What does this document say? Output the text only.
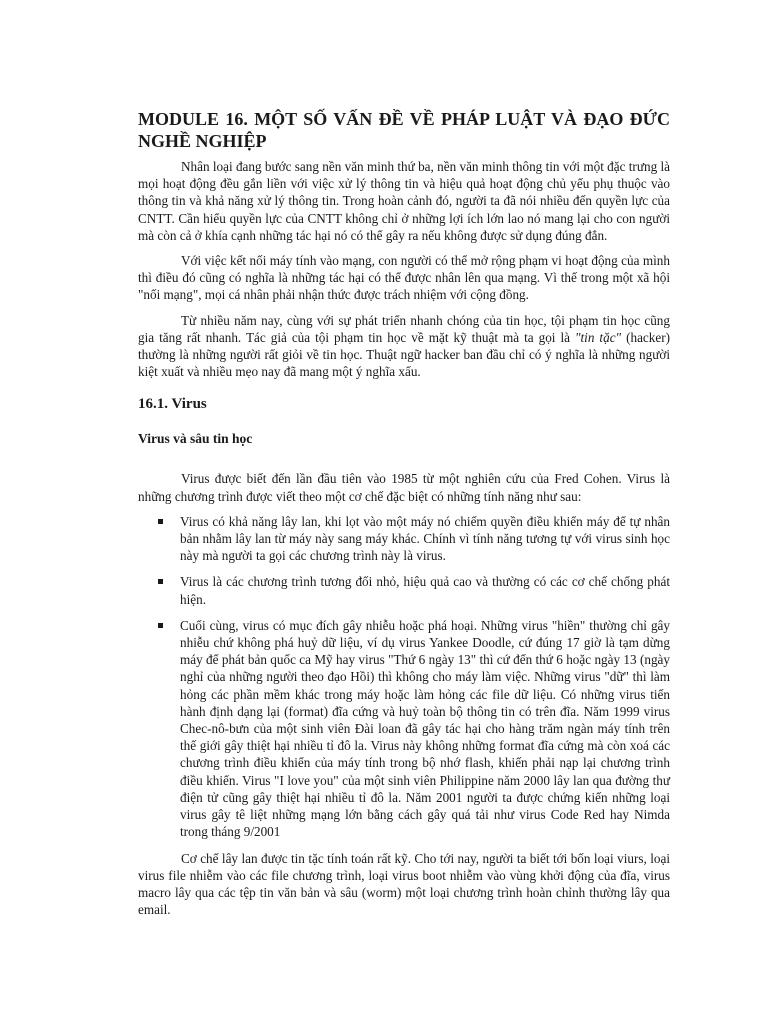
MODULE 16. MỘT SỐ VẤN ĐỀ VỀ PHÁP LUẬT VÀ ĐẠO ĐỨC NGHỀ NGHIỆP

Nhân loại đang bước sang nền văn minh thứ ba, nền văn minh thông tin với một đặc trưng là mọi hoạt động đều gắn liền với việc xử lý thông tin và hiệu quả hoạt động chủ yếu phụ thuộc vào thông tin và khả năng xử lý thông tin. Trong hoàn cảnh đó, người ta đã nói nhiều đến quyền lực của CNTT. Cần hiểu quyền lực của CNTT không chỉ ở những lợi ích lớn lao nó mang lại cho con người mà còn cả ở khía cạnh những tác hại nó có thể gây ra nếu không được sử dụng đúng đắn.

Với việc kết nối máy tính vào mạng, con người có thể mở rộng phạm vi hoạt động của mình thì điều đó cũng có nghĩa là những tác hại có thể được nhân lên qua mạng. Vì thế trong một xã hội "nối mạng", mọi cá nhân phải nhận thức được trách nhiệm với cộng đồng.

Từ nhiều năm nay, cùng với sự phát triển nhanh chóng của tin học, tội phạm tin học cũng gia tăng rất nhanh. Tác giả của tội phạm tin học về mặt kỹ thuật mà ta gọi là "tin tặc" (hacker) thường là những người rất giỏi về tin học. Thuật ngữ hacker ban đầu chỉ có ý nghĩa là những người kiệt xuất và nhiều mẹo nay đã mang một ý nghĩa xấu.

16.1. Virus
Virus và sâu tin học

Virus được biết đến lần đầu tiên vào 1985 từ một nghiên cứu của Fred Cohen. Virus là những chương trình được viết theo một cơ chế đặc biệt có những tính năng như sau:

Virus có khả năng lây lan, khi lọt vào một máy nó chiếm quyền điều khiển máy để tự nhân bản nhằm lây lan từ máy này sang máy khác. Chính vì tính năng tương tự với virus sinh học này mà người ta gọi các chương trình này là virus.
Virus là các chương trình tương đối nhỏ, hiệu quả cao và thường có các cơ chế chống phát hiện.
Cuối cùng, virus có mục đích gây nhiễu hoặc phá hoại. Những virus "hiền" thường chỉ gây nhiễu chứ không phá huỷ dữ liệu, ví dụ virus Yankee Doodle, cứ đúng 17 giờ là tạm dừng máy để phát bản quốc ca Mỹ hay virus "Thứ 6 ngày 13" thì cứ đến thứ 6 hoặc ngày 13 (ngày nghỉ của những người theo đạo Hồi) thì không cho máy làm việc. Những virus "dữ" thì làm hỏng các phần mềm khác trong máy hoặc làm hỏng các file dữ liệu. Có những virus tiến hành định dạng lại (format) đĩa cứng và huỷ toàn bộ thông tin có trên đĩa. Năm 1999 virus Chec-nô-bưn của một sinh viên Đài loan đã gây tác hại cho hàng trăm ngàn máy tính trên thế giới gây thiệt hại nhiều tỉ đô la. Virus này không những format đĩa cứng mà còn xoá các chương trình điều khiển của máy tính trong bộ nhớ flash, khiến phải nạp lại chương trình điều khiển. Virus "I love you" của một sinh viên Philippine năm 2000 lây lan qua đường thư điện tử cũng gây thiệt hại nhiều tỉ đô la. Năm 2001 người ta được chứng kiến những loại virus gây tê liệt những mạng lớn bằng cách gây quá tải như virus Code Red hay Nimda trong tháng 9/2001

Cơ chế lây lan được tin tặc tính toán rất kỹ. Cho tới nay, người ta biết tới bốn loại viurs, loại virus file nhiễm vào các file chương trình, loại virus boot nhiễm vào vùng khởi động của đĩa, virus macro lây qua các tệp tin văn bản và sâu (worm) một loại chương trình hoàn chỉnh thường lây qua email.
